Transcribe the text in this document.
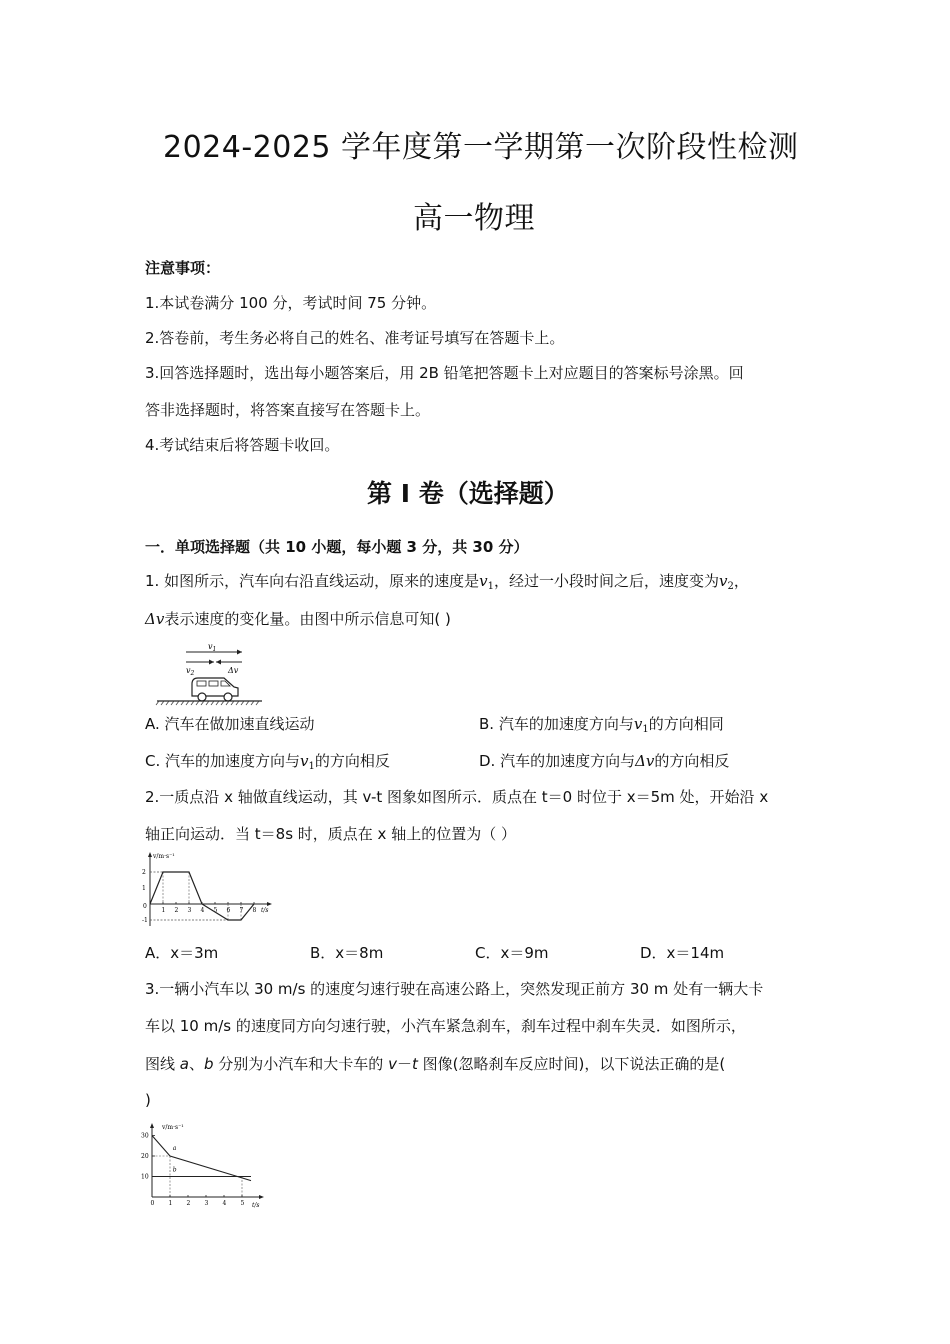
2024-2025 学年度第一学期第一次阶段性检测
高一物理
注意事项：
1.本试卷满分 100 分，考试时间 75 分钟。
2.答卷前，考生务必将自己的姓名、准考证号填写在答题卡上。
3.回答选择题时，选出每小题答案后，用 2B 铅笔把答题卡上对应题目的答案标号涂黑。回
答非选择题时，将答案直接写在答题卡上。
4.考试结束后将答题卡收回。
第 I 卷（选择题）
一．单项选择题（共 10 小题，每小题 3 分，共 30 分）
1. 如图所示，汽车向右沿直线运动，原来的速度是$v_1$，经过一小段时间之后，速度变为$v_2$，
Δv表示速度的变化量。由图中所示信息可知( )
$v_1$
$v_2$	Δv
A. 汽车在做加速直线运动	B. 汽车的加速度方向与$v_1$的方向相同
C. 汽车的加速度方向与$v_1$的方向相反	D. 汽车的加速度方向与Δv的方向相反
2.一质点沿 x 轴做直线运动，其 v-t 图象如图所示．质点在 t＝0 时位于 x＝5m 处，开始沿 x
轴正向运动．当 t＝8s 时，质点在 x 轴上的位置为（ ）
v/m·s⁻¹
t/s
0
1 2 3 4 5 6 7 8
2
1
-1
A．x＝3m	B．x＝8m	C．x＝9m	D．x＝14m
3.一辆小汽车以 30 m/s 的速度匀速行驶在高速公路上，突然发现正前方 30 m 处有一辆大卡
车以 10 m/s 的速度同方向匀速行驶，小汽车紧急刹车，刹车过程中刹车失灵．如图所示，
图线 a、b 分别为小汽车和大卡车的 v－t 图像(忽略刹车反应时间)，以下说法正确的是(
)
v/m·s⁻¹
t/s
0 1 2 3 4 5
30
20
10
a
b
